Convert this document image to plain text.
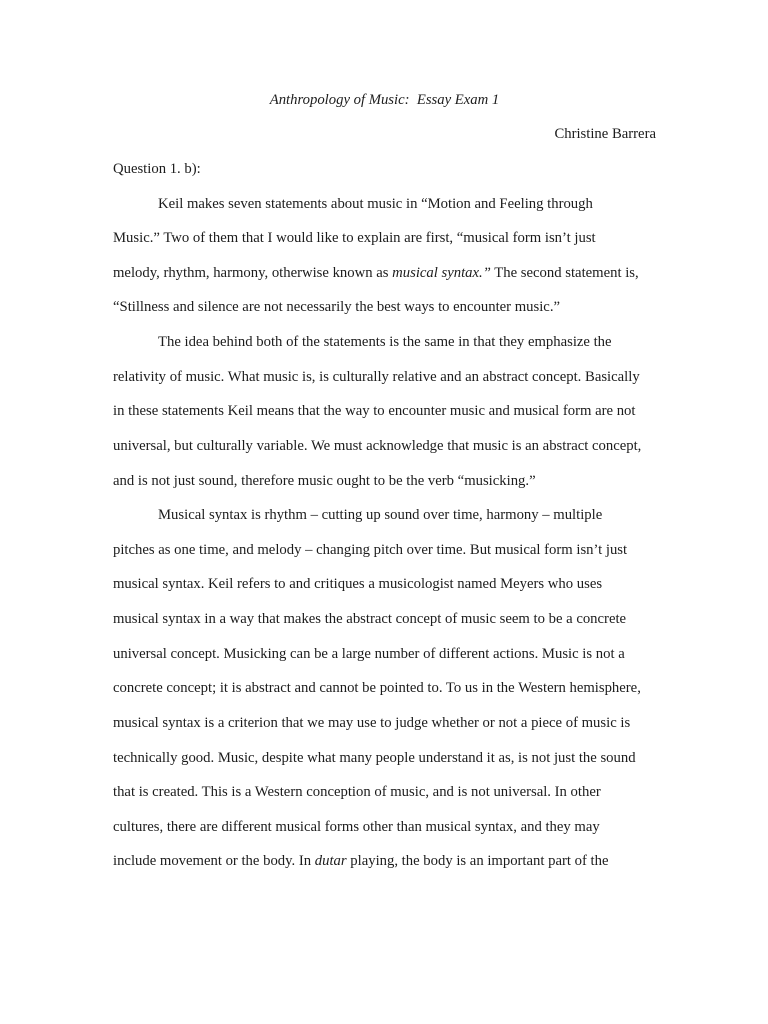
Anthropology of Music:  Essay Exam 1
Christine Barrera
Question 1. b):
Keil makes seven statements about music in “Motion and Feeling through
Music.” Two of them that I would like to explain are first, “musical form isn’t just
melody, rhythm, harmony, otherwise known as musical syntax.” The second statement is,
“Stillness and silence are not necessarily the best ways to encounter music.”
The idea behind both of the statements is the same in that they emphasize the
relativity of music. What music is, is culturally relative and an abstract concept. Basically
in these statements Keil means that the way to encounter music and musical form are not
universal, but culturally variable. We must acknowledge that music is an abstract concept,
and is not just sound, therefore music ought to be the verb “musicking.”
Musical syntax is rhythm – cutting up sound over time, harmony – multiple
pitches as one time, and melody – changing pitch over time. But musical form isn’t just
musical syntax. Keil refers to and critiques a musicologist named Meyers who uses
musical syntax in a way that makes the abstract concept of music seem to be a concrete
universal concept. Musicking can be a large number of different actions. Music is not a
concrete concept; it is abstract and cannot be pointed to. To us in the Western hemisphere,
musical syntax is a criterion that we may use to judge whether or not a piece of music is
technically good. Music, despite what many people understand it as, is not just the sound
that is created. This is a Western conception of music, and is not universal. In other
cultures, there are different musical forms other than musical syntax, and they may
include movement or the body. In dutar playing, the body is an important part of the
